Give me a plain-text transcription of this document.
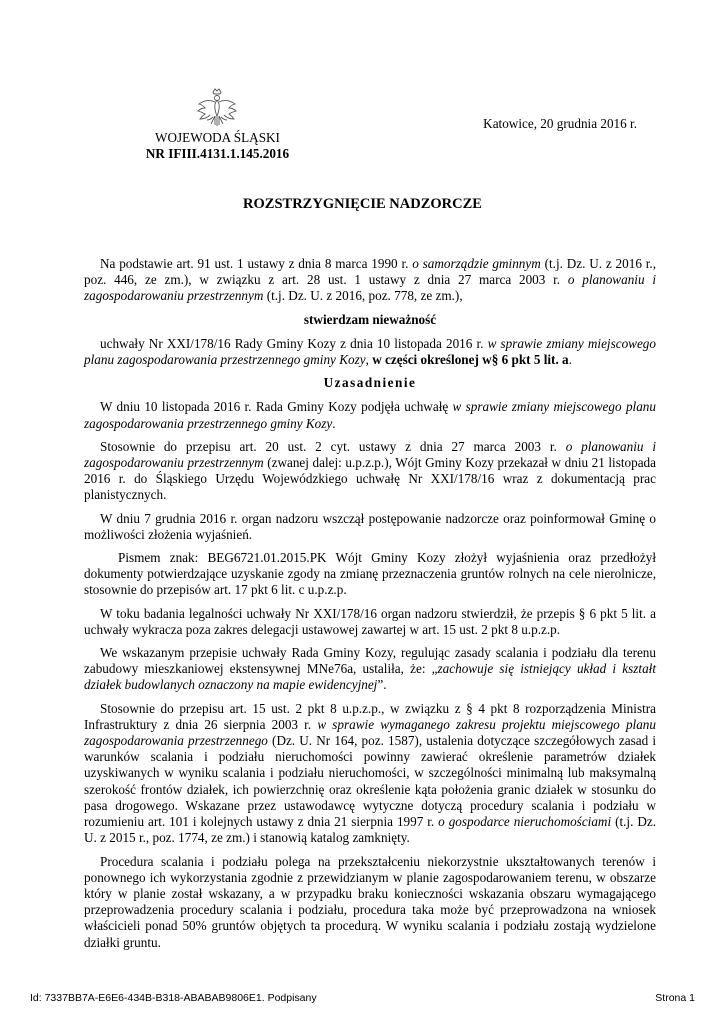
WOJEWODA ŚLĄSKI
NR IFIII.4131.1.145.2016
Katowice, 20 grudnia 2016 r.
ROZSTRZYGNIĘCIE NADZORCZE

Na podstawie art. 91 ust. 1 ustawy z dnia 8 marca 1990 r. o samorządzie gminnym (t.j. Dz. U. z 2016 r., poz. 446, ze zm.), w związku z art. 28 ust. 1 ustawy z dnia 27 marca 2003 r. o planowaniu i zagospodarowaniu przestrzennym (t.j. Dz. U. z 2016, poz. 778, ze zm.),

stwierdzam nieważność

uchwały Nr XXI/178/16 Rady Gminy Kozy z dnia 10 listopada 2016 r. w sprawie zmiany miejscowego planu zagospodarowania przestrzennego gminy Kozy, w części określonej w§ 6 pkt 5 lit. a.

Uzasadnienie

W dniu 10 listopada 2016 r. Rada Gminy Kozy podjęła uchwałę w sprawie zmiany miejscowego planu zagospodarowania przestrzennego gminy Kozy.

Stosownie do przepisu art. 20 ust. 2 cyt. ustawy z dnia 27 marca 2003 r. o planowaniu i zagospodarowaniu przestrzennym (zwanej dalej: u.p.z.p.), Wójt Gminy Kozy przekazał w dniu 21 listopada 2016 r. do Śląskiego Urzędu Wojewódzkiego uchwałę Nr XXI/178/16 wraz z dokumentacją prac planistycznych.

W dniu 7 grudnia 2016 r. organ nadzoru wszczął postępowanie nadzorcze oraz poinformował Gminę o możliwości złożenia wyjaśnień.

Pismem znak: BEG6721.01.2015.PK Wójt Gminy Kozy złożył wyjaśnienia oraz przedłożył dokumenty potwierdzające uzyskanie zgody na zmianę przeznaczenia gruntów rolnych na cele nierolnicze, stosownie do przepisów art. 17 pkt 6 lit. c u.p.z.p.

W toku badania legalności uchwały Nr XXI/178/16 organ nadzoru stwierdził, że przepis § 6 pkt 5 lit. a uchwały wykracza poza zakres delegacji ustawowej zawartej w art. 15 ust. 2 pkt 8 u.p.z.p.

We wskazanym przepisie uchwały Rada Gminy Kozy, regulując zasady scalania i podziału dla terenu zabudowy mieszkaniowej ekstensywnej MNe76a, ustaliła, że: „zachowuje się istniejący układ i kształt działek budowlanych oznaczony na mapie ewidencyjnej”.

Stosownie do przepisu art. 15 ust. 2 pkt 8 u.p.z.p., w związku z § 4 pkt 8 rozporządzenia Ministra Infrastruktury z dnia 26 sierpnia 2003 r. w sprawie wymaganego zakresu projektu miejscowego planu zagospodarowania przestrzennego (Dz. U. Nr 164, poz. 1587), ustalenia dotyczące szczegółowych zasad i warunków scalania i podziału nieruchomości powinny zawierać określenie parametrów działek uzyskiwanych w wyniku scalania i podziału nieruchomości, w szczególności minimalną lub maksymalną szerokość frontów działek, ich powierzchnię oraz określenie kąta położenia granic działek w stosunku do pasa drogowego. Wskazane przez ustawodawcę wytyczne dotyczą procedury scalania i podziału w rozumieniu art. 101 i kolejnych ustawy z dnia 21 sierpnia 1997 r. o gospodarce nieruchomościami (t.j. Dz. U. z 2015 r., poz. 1774, ze zm.) i stanowią katalog zamknięty.

Procedura scalania i podziału polega na przekształceniu niekorzystnie ukształtowanych terenów i ponownego ich wykorzystania zgodnie z przewidzianym w planie zagospodarowaniem terenu, w obszarze który w planie został wskazany, a w przypadku braku konieczności wskazania obszaru wymagającego przeprowadzenia procedury scalania i podziału, procedura taka może być przeprowadzona na wniosek właścicieli ponad 50% gruntów objętych ta procedurą. W wyniku scalania i podziału zostają wydzielone działki gruntu.

Id: 7337BB7A-E6E6-434B-B318-ABABAB9806E1. Podpisany	Strona 1
